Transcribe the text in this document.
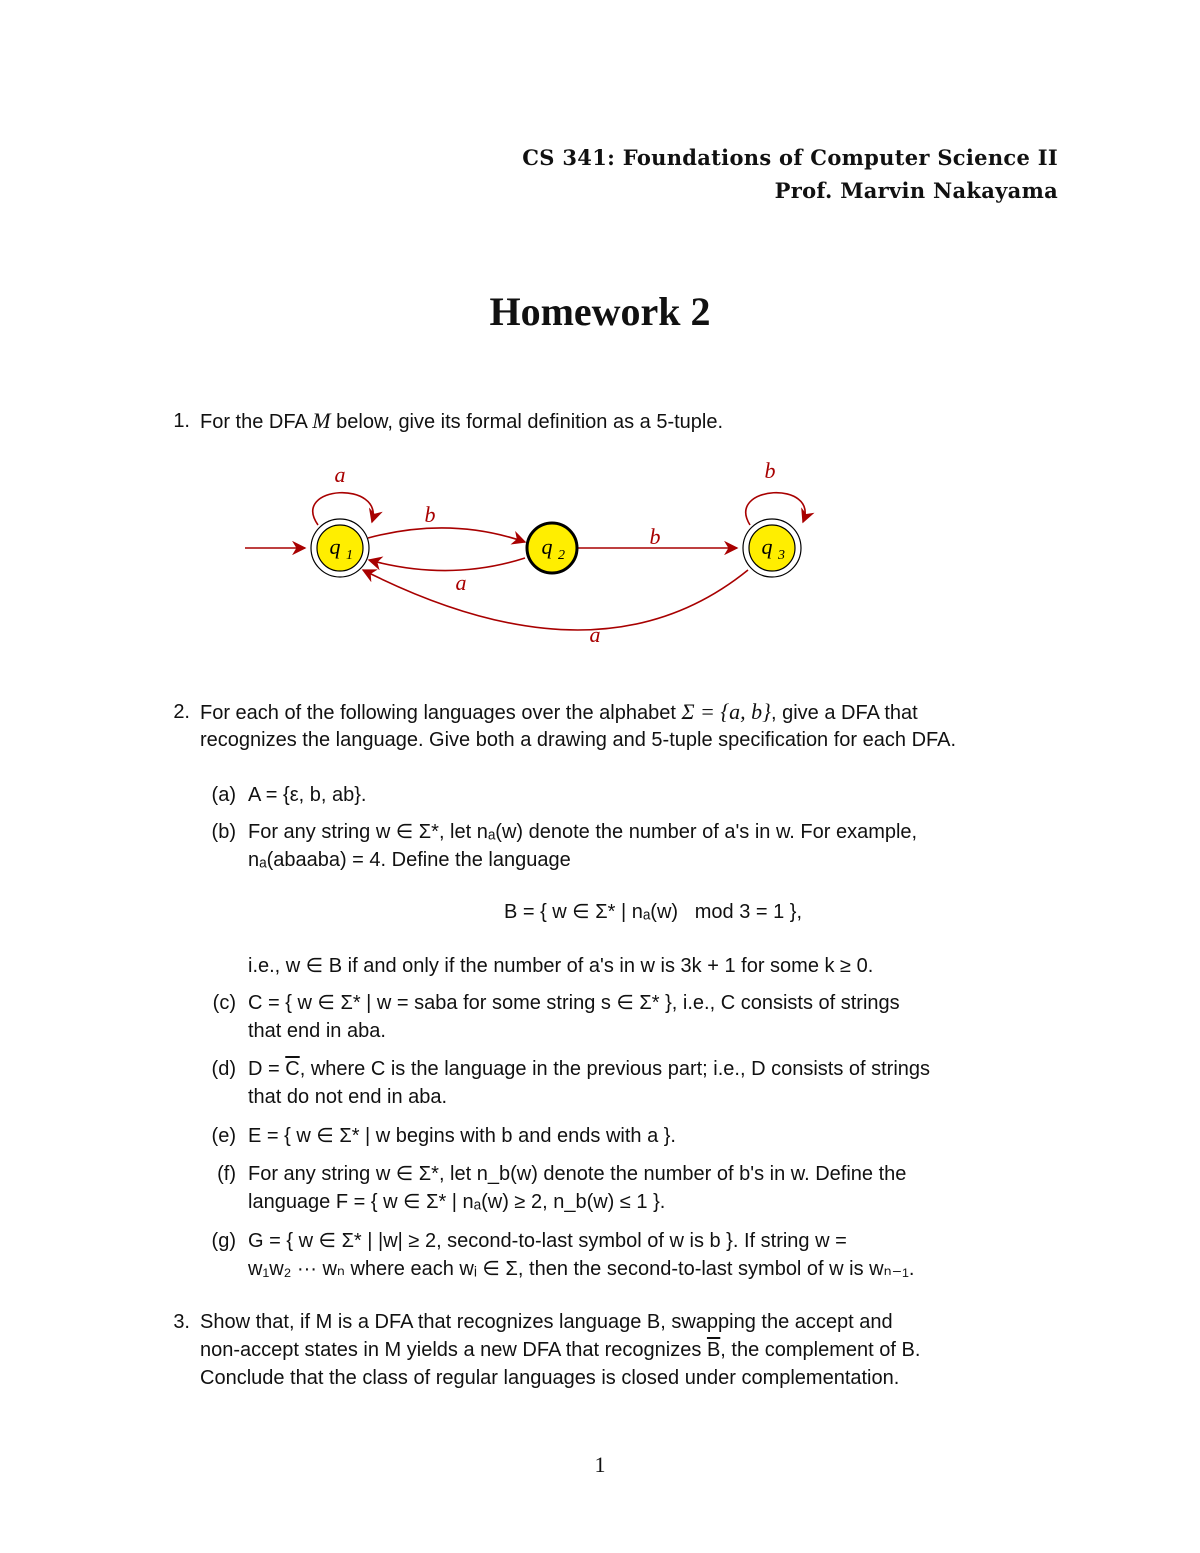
CS 341: Foundations of Computer Science II
Prof. Marvin Nakayama
Homework 2
1. For the DFA M below, give its formal definition as a 5-tuple.
a
b
a
b
b
a
q 1	q 2	q 3
2. For each of the following languages over the alphabet Σ = {a, b}, give a DFA that
recognizes the language. Give both a drawing and 5-tuple specification for each DFA.
(a) A = {ε, b, ab}.
(b) For any string w ∈ Σ*, let nₐ(w) denote the number of a's in w. For example,
nₐ(abaaba) = 4. Define the language
B = { w ∈ Σ* | nₐ(w)   mod 3 = 1 },
i.e., w ∈ B if and only if the number of a's in w is 3k + 1 for some k ≥ 0.
(c) C = { w ∈ Σ* | w = saba for some string s ∈ Σ* }, i.e., C consists of strings
that end in aba.
(d) $D = \overline{C}$, where C is the language in the previous part; i.e., D consists of strings
that do not end in aba.
(e) E = { w ∈ Σ* | w begins with b and ends with a }.
(f) For any string w ∈ Σ*, let n_b(w) denote the number of b's in w. Define the
language F = { w ∈ Σ* | nₐ(w) ≥ 2, n_b(w) ≤ 1 }.
(g) G = { w ∈ Σ* | |w| ≥ 2, second-to-last symbol of w is b }. If string w =
w₁w₂ ··· wₙ where each wᵢ ∈ Σ, then the second-to-last symbol of w is wₙ₋₁.
3. Show that, if M is a DFA that recognizes language B, swapping the accept and
non-accept states in M yields a new DFA that recognizes $\overline{B}$, the complement of B.
Conclude that the class of regular languages is closed under complementation.
1
